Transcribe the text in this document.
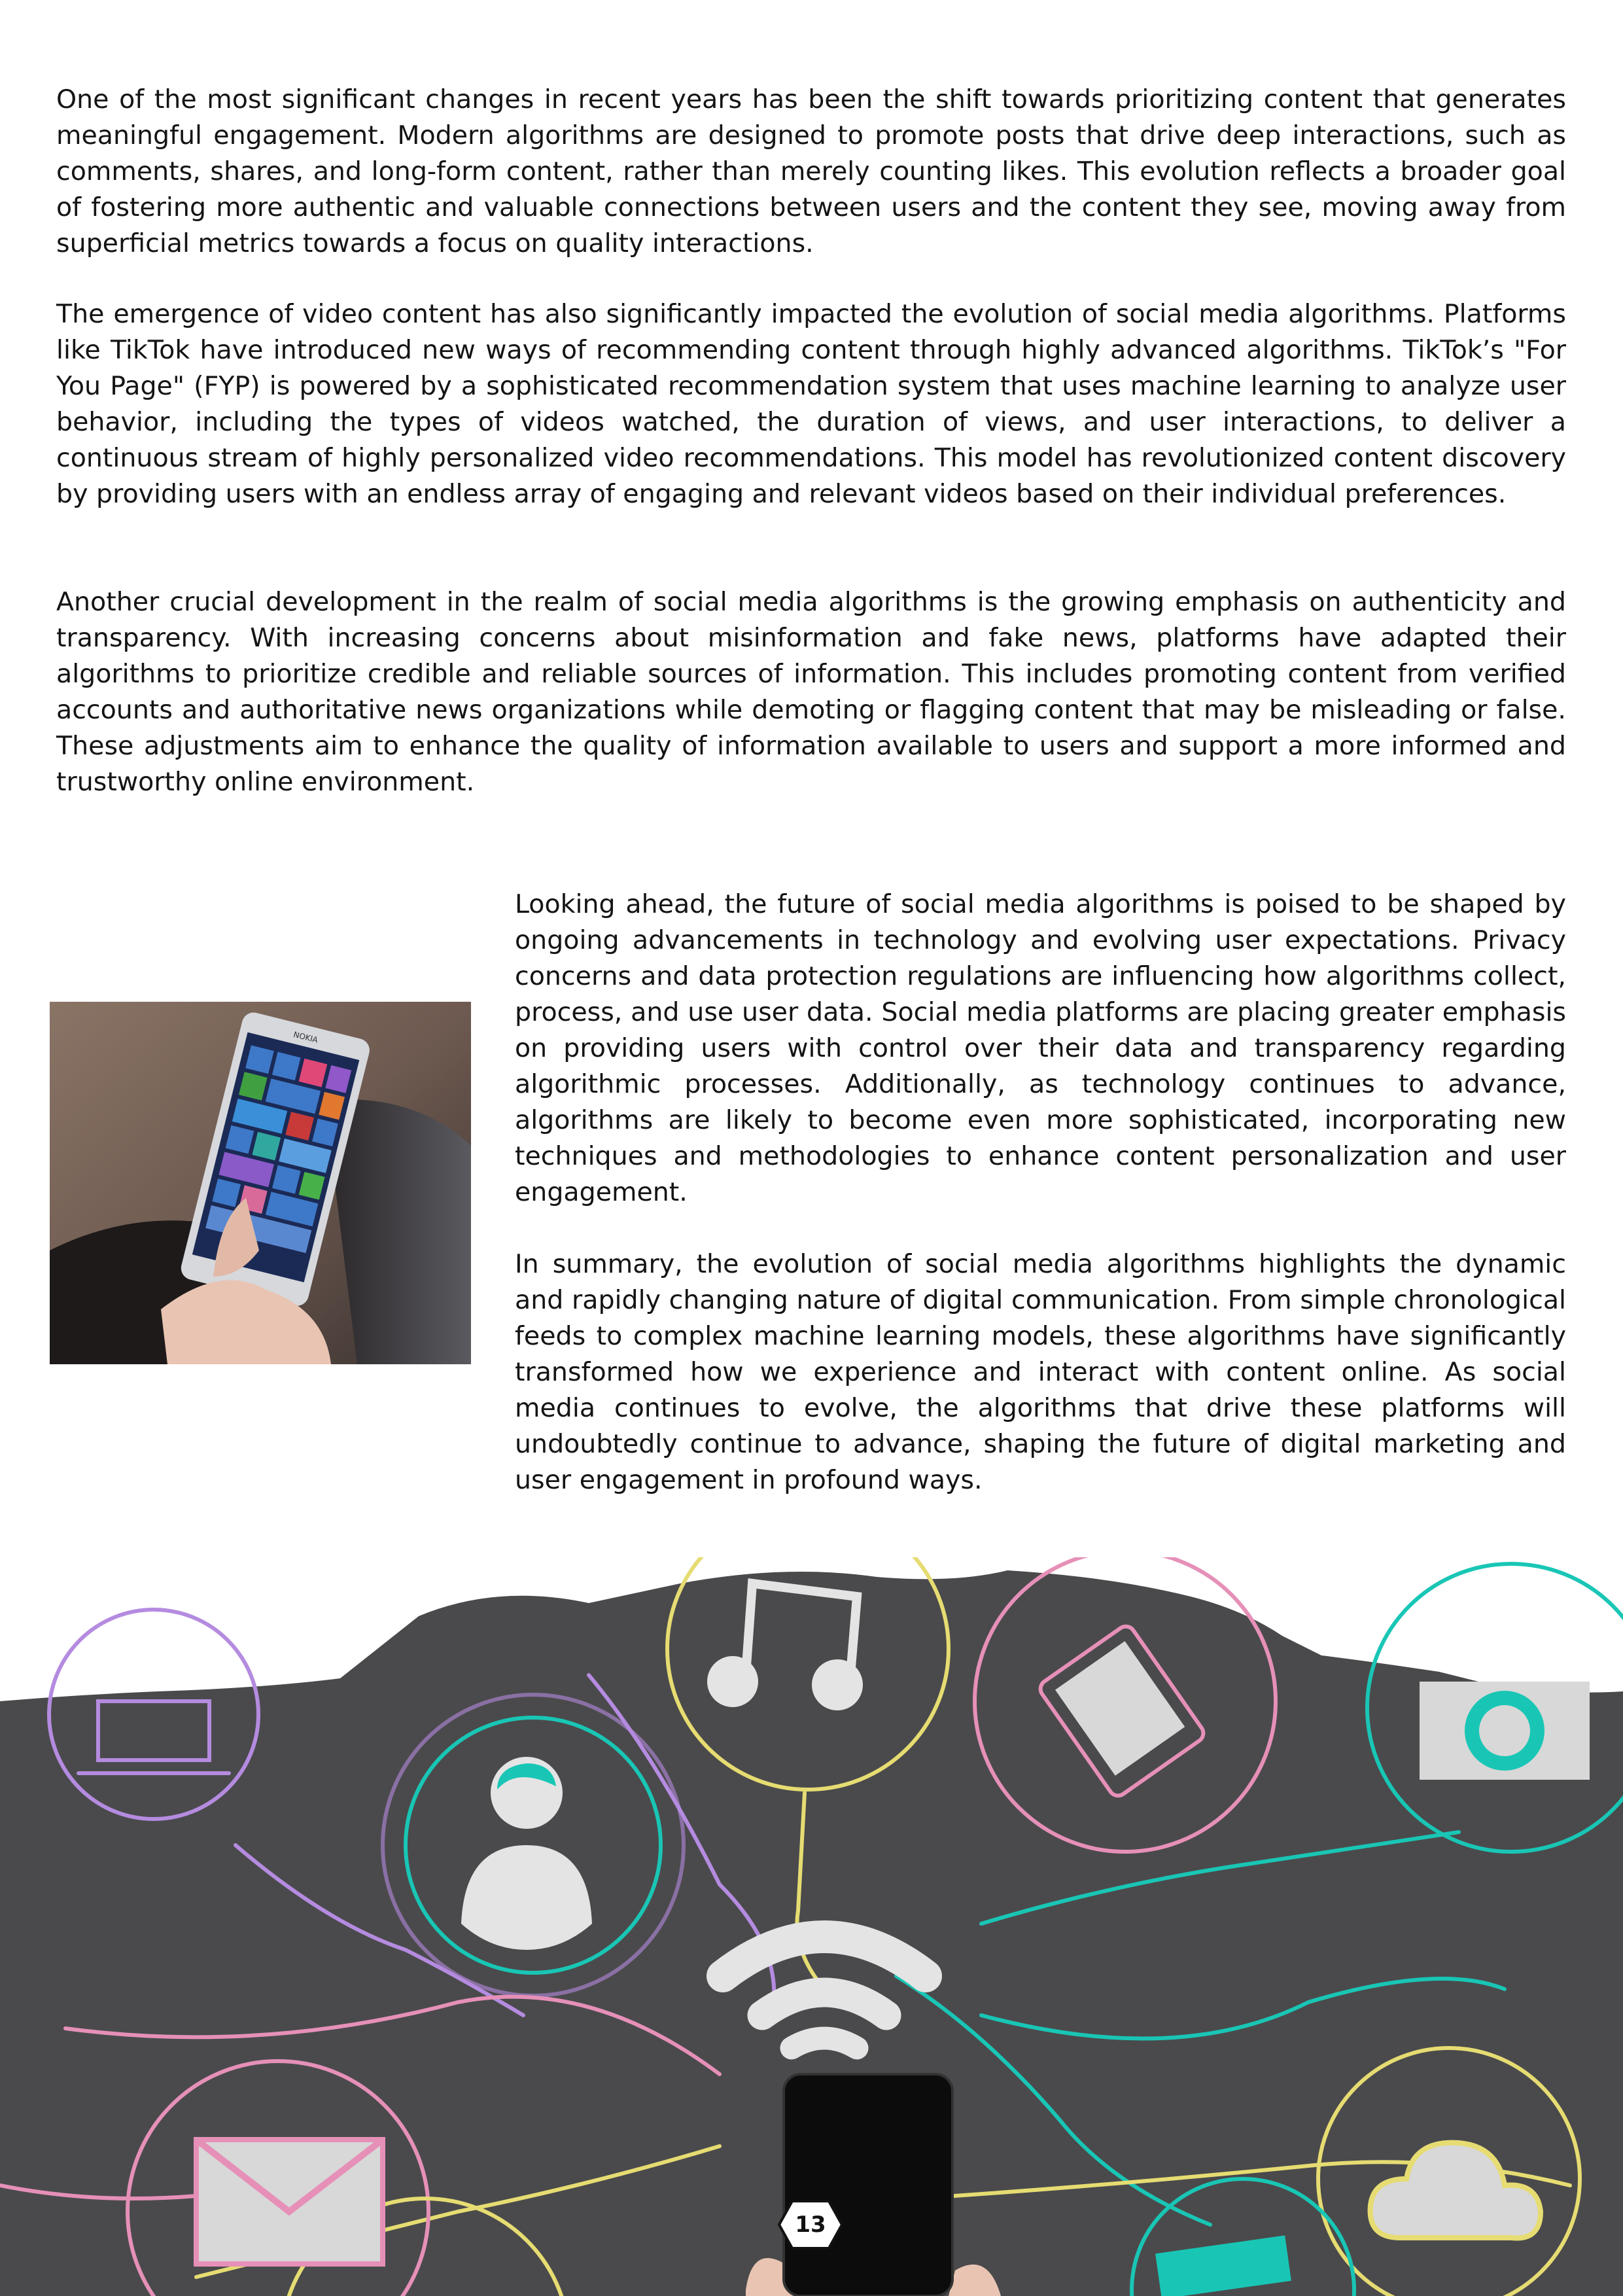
One of the most significant changes in recent years has been the shift towards prioritizing content that generates meaningful engagement. Modern algorithms are designed to promote posts that drive deep interactions, such as comments, shares, and long-form content, rather than merely counting likes. This evolution reflects a broader goal of fostering more authentic and valuable connections between users and the content they see, moving away from superficial metrics towards a focus on quality interactions.

The emergence of video content has also significantly impacted the evolution of social media algorithms. Platforms like TikTok have introduced new ways of recommending content through highly advanced algorithms. TikTok’s "For You Page" (FYP) is powered by a sophisticated recommendation system that uses machine learning to analyze user behavior, including the types of videos watched, the duration of views, and user interactions, to deliver a continuous stream of highly personalized video recommendations. This model has revolutionized content discovery by providing users with an endless array of engaging and relevant videos based on their individual preferences.

Another crucial development in the realm of social media algorithms is the growing emphasis on authenticity and transparency. With increasing concerns about misinformation and fake news, platforms have adapted their algorithms to prioritize credible and reliable sources of information. This includes promoting content from verified accounts and authoritative news organizations while demoting or flagging content that may be misleading or false. These adjustments aim to enhance the quality of information available to users and support a more informed and trustworthy online environment.

NOKIA

Looking ahead, the future of social media algorithms is poised to be shaped by ongoing advancements in technology and evolving user expectations. Privacy concerns and data protection regulations are influencing how algorithms collect, process, and use user data. Social media platforms are placing greater emphasis on providing users with control over their data and transparency regarding algorithmic processes. Additionally, as technology continues to advance, algorithms are likely to become even more sophisticated, incorporating new techniques and methodologies to enhance content personalization and user engagement.

In summary, the evolution of social media algorithms highlights the dynamic and rapidly changing nature of digital communication. From simple chronological feeds to complex machine learning models, these algorithms have significantly transformed how we experience and interact with content online. As social media continues to evolve, the algorithms that drive these platforms will undoubtedly continue to advance, shaping the future of digital marketing and user engagement in profound ways.

13
